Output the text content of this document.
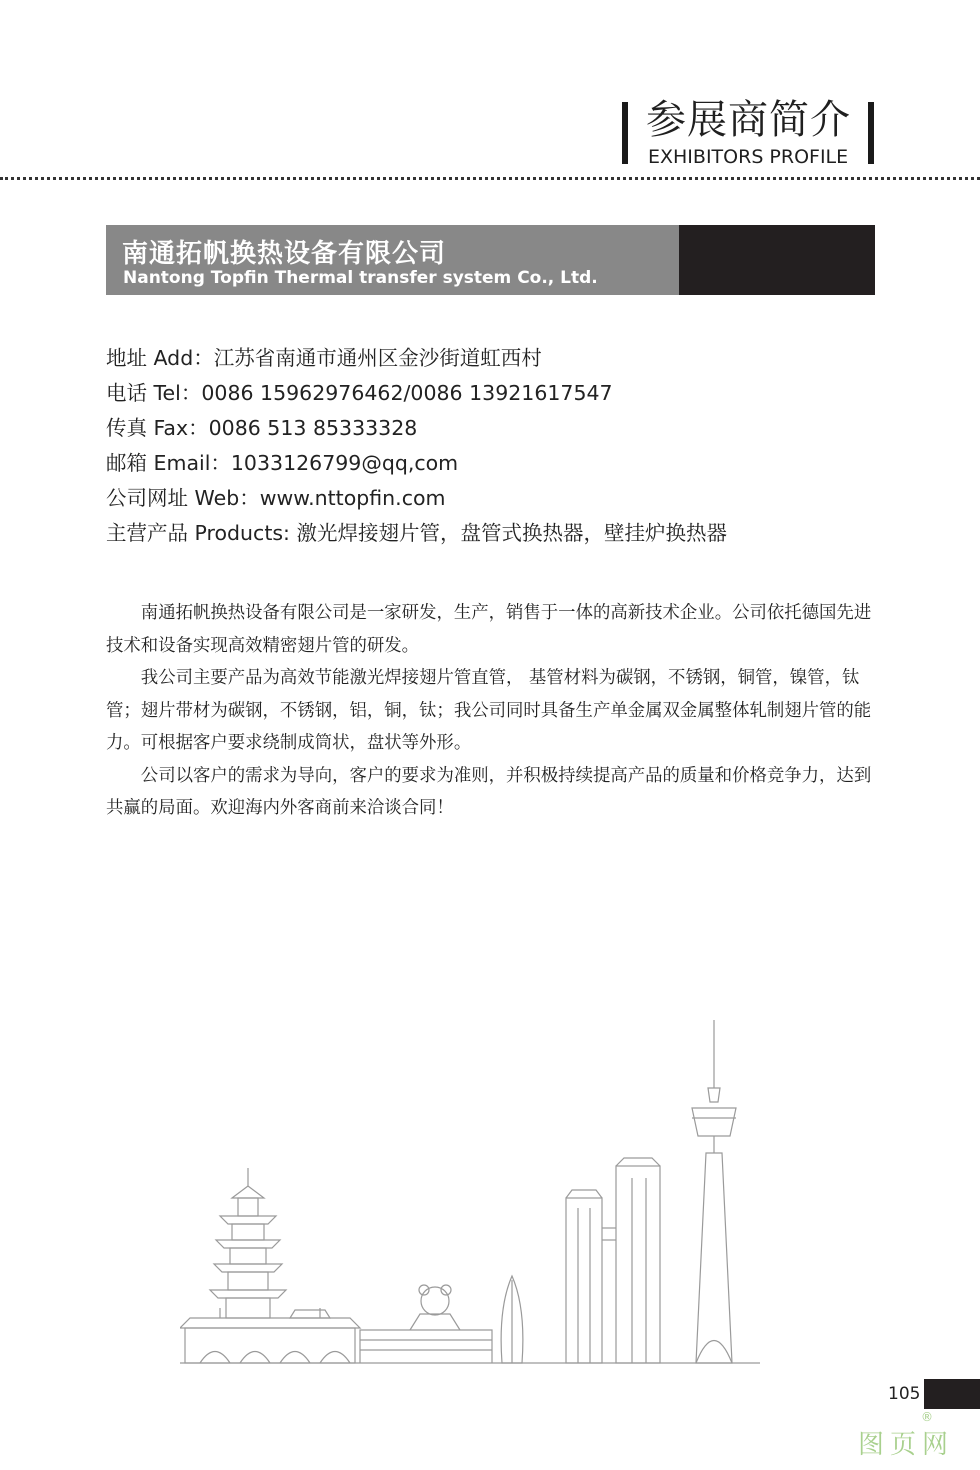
参展商简介
EXHIBITORS PROFILE
南通拓帆换热设备有限公司
Nantong Topfin Thermal transfer system Co., Ltd.
地址 Add：江苏省南通市通州区金沙街道虹西村
电话 Tel：0086 15962976462/0086 13921617547
传真 Fax：0086 513 85333328
邮箱 Email：1033126799@qq,com
公司网址 Web：www.nttopfin.com
主营产品 Products: 激光焊接翅片管，盘管式换热器，壁挂炉换热器

南通拓帆换热设备有限公司是一家研发，生产，销售于一体的高新技术企业。公司依托德国先进技术和设备实现高效精密翅片管的研发。

我公司主要产品为高效节能激光焊接翅片管直管， 基管材料为碳钢，不锈钢，铜管，镍管，钛管；翅片带材为碳钢，不锈钢，铝，铜，钛；我公司同时具备生产单金属双金属整体轧制翅片管的能力。可根据客户要求绕制成筒状，盘状等外形。

公司以客户的需求为导向，客户的要求为准则，并积极持续提高产品的质量和价格竞争力，达到共赢的局面。欢迎海内外客商前来洽谈合同！

105
®
图页网
